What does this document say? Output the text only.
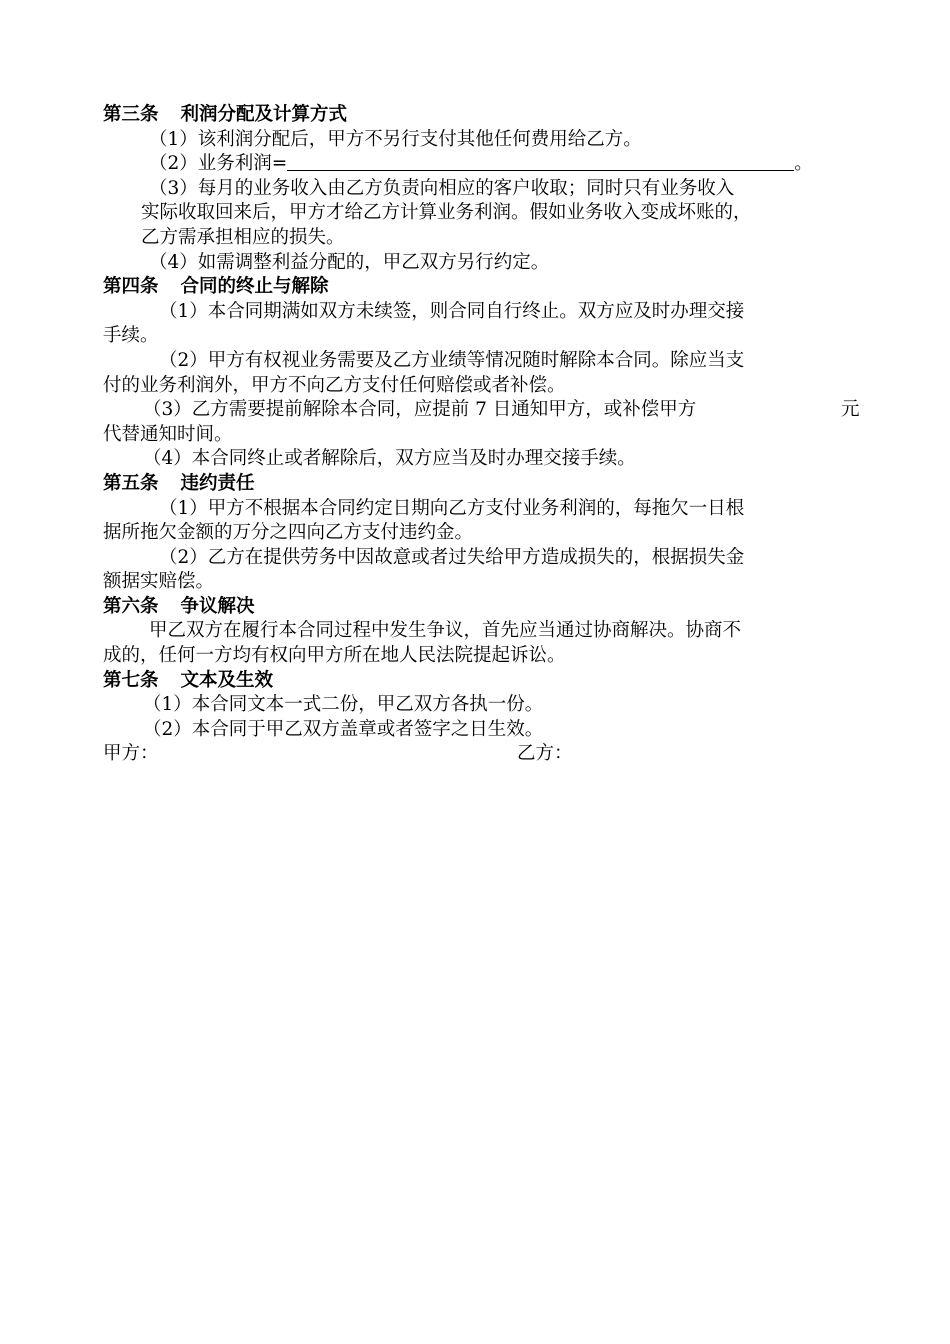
第三条 利润分配及计算方式
（1）该利润分配后，甲方不另行支付其他任何费用给乙方。
（2）业务利润=	。
（3）每月的业务收入由乙方负责向相应的客户收取；同时只有业务收入
实际收取回来后，甲方才给乙方计算业务利润。假如业务收入变成坏账的，
乙方需承担相应的损失。
（4）如需调整利益分配的，甲乙双方另行约定。
第四条 合同的终止与解除
（1）本合同期满如双方未续签，则合同自行终止。双方应及时办理交接
手续。
（2）甲方有权视业务需要及乙方业绩等情况随时解除本合同。除应当支
付的业务利润外，甲方不向乙方支付任何赔偿或者补偿。
（3）乙方需要提前解除本合同，应提前 7 日通知甲方，或补偿甲方	元
代替通知时间。
（4）本合同终止或者解除后，双方应当及时办理交接手续。
第五条 违约责任
（1）甲方不根据本合同约定日期向乙方支付业务利润的，每拖欠一日根
据所拖欠金额的万分之四向乙方支付违约金。
（2）乙方在提供劳务中因故意或者过失给甲方造成损失的，根据损失金
额据实赔偿。
第六条 争议解决
甲乙双方在履行本合同过程中发生争议，首先应当通过协商解决。协商不
成的，任何一方均有权向甲方所在地人民法院提起诉讼。
第七条 文本及生效
（1）本合同文本一式二份，甲乙双方各执一份。
（2）本合同于甲乙双方盖章或者签字之日生效。
甲方：	乙方：
